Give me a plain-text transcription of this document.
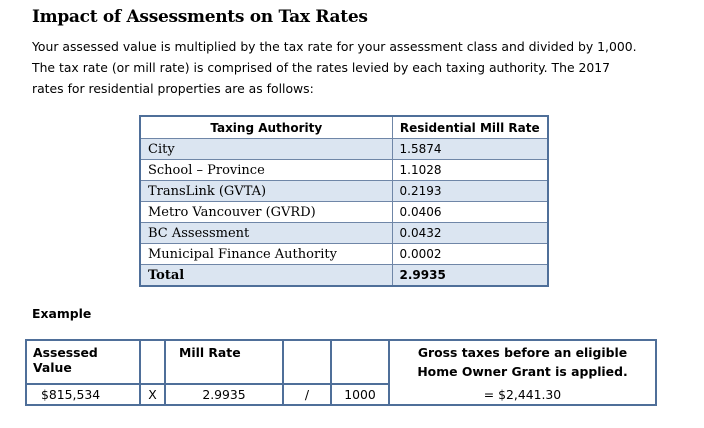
Impact of Assessments on Tax Rates
Your assessed value is multiplied by the tax rate for your assessment class and divided by 1,000.
The tax rate (or mill rate) is comprised of the rates levied by each taxing authority. The 2017
rates for residential properties are as follows:
Taxing Authority	Residential Mill Rate
City	1.5874
School – Province	1.1028
TransLink (GVTA)	0.2193
Metro Vancouver (GVRD)	0.0406
BC Assessment	0.0432
Municipal Finance Authority	0.0002
Total	2.9935
Example
Assessed Value		Mill Rate			Gross taxes before an eligible
Home Owner Grant is applied.

$815,534	X	2.9935	/	1000	= $2,441.30
